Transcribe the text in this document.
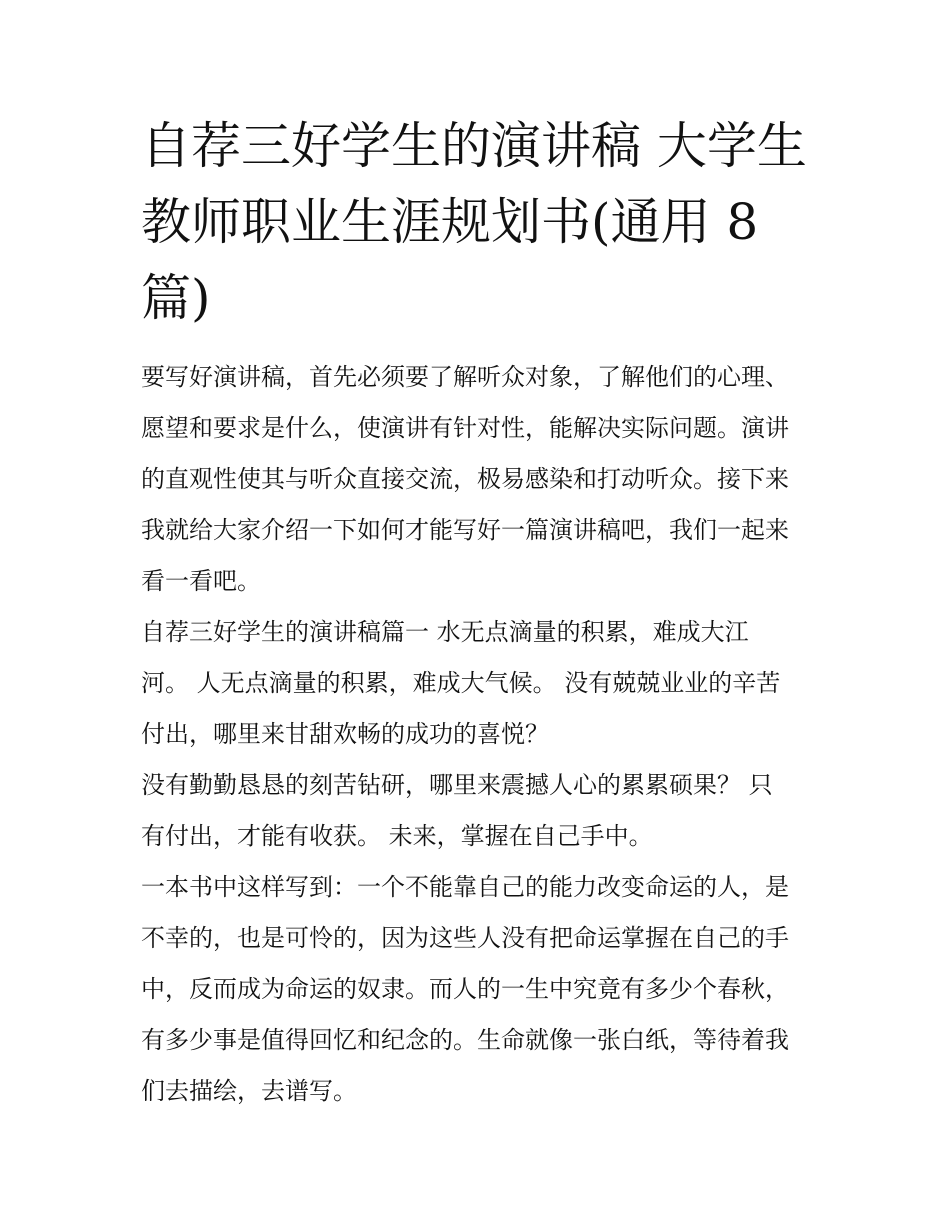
自荐三好学生的演讲稿 大学生
教师职业生涯规划书(通用 8
篇)

要写好演讲稿，首先必须要了解听众对象，了解他们的心理、
愿望和要求是什么，使演讲有针对性，能解决实际问题。演讲
的直观性使其与听众直接交流，极易感染和打动听众。接下来
我就给大家介绍一下如何才能写好一篇演讲稿吧，我们一起来
看一看吧。

自荐三好学生的演讲稿篇一 水无点滴量的积累，难成大江
河。 人无点滴量的积累，难成大气候。 没有兢兢业业的辛苦
付出，哪里来甘甜欢畅的成功的喜悦？

没有勤勤恳恳的刻苦钻研，哪里来震撼人心的累累硕果？ 只
有付出，才能有收获。 未来，掌握在自己手中。

一本书中这样写到：一个不能靠自己的能力改变命运的人，是
不幸的，也是可怜的，因为这些人没有把命运掌握在自己的手
中，反而成为命运的奴隶。而人的一生中究竟有多少个春秋，
有多少事是值得回忆和纪念的。生命就像一张白纸，等待着我
们去描绘，去谱写。
